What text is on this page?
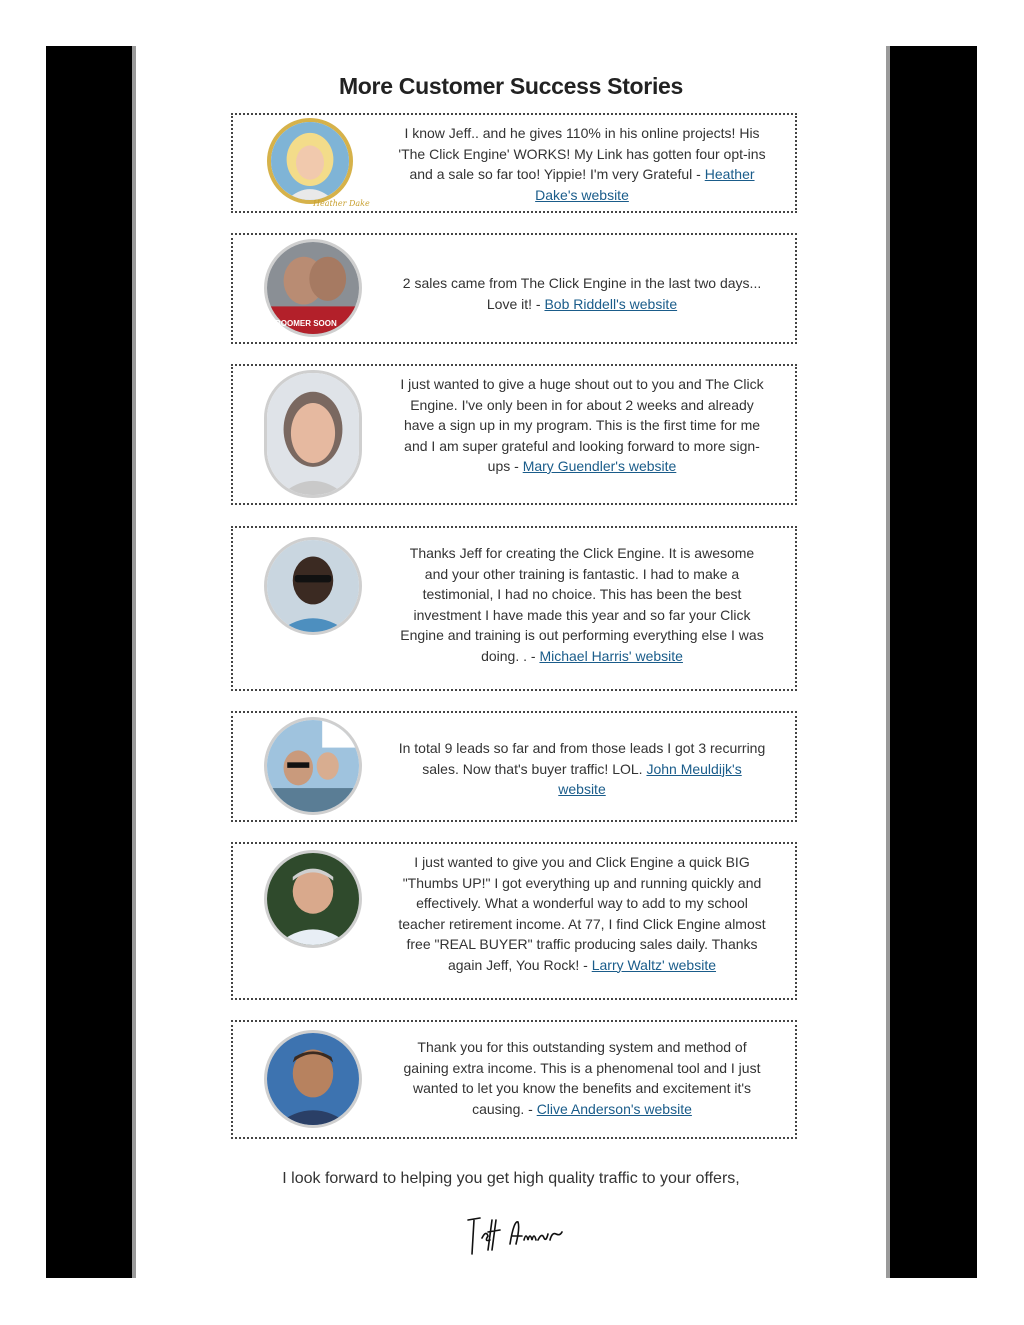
More Customer Success Stories
Heather Dake
I know Jeff.. and he gives 110% in his online projects! His 'The Click Engine' WORKS! My Link has gotten four opt-ins and a sale so far too! Yippie! I'm very Grateful - Heather Dake's website
BOOMER SOON
2 sales came from The Click Engine in the last two days... Love it! - Bob Riddell's website
I just wanted to give a huge shout out to you and The Click Engine. I've only been in for about 2 weeks and already have a sign up in my program. This is the first time for me and I am super grateful and looking forward to more sign-ups - Mary Guendler's website
Thanks Jeff for creating the Click Engine. It is awesome and your other training is fantastic. I had to make a testimonial, I had no choice. This has been the best investment I have made this year and so far your Click Engine and training is out performing everything else I was doing. . - Michael Harris' website
In total 9 leads so far and from those leads I got 3 recurring sales. Now that's buyer traffic! LOL. John Meuldijk's website
I just wanted to give you and Click Engine a quick BIG "Thumbs UP!" I got everything up and running quickly and effectively. What a wonderful way to add to my school teacher retirement income. At 77, I find Click Engine almost free "REAL BUYER" traffic producing sales daily. Thanks again Jeff, You Rock! - Larry Waltz' website
Thank you for this outstanding system and method of gaining extra income. This is a phenomenal tool and I just wanted to let you know the benefits and excitement it's causing. - Clive Anderson's website
I look forward to helping you get high quality traffic to your offers,
